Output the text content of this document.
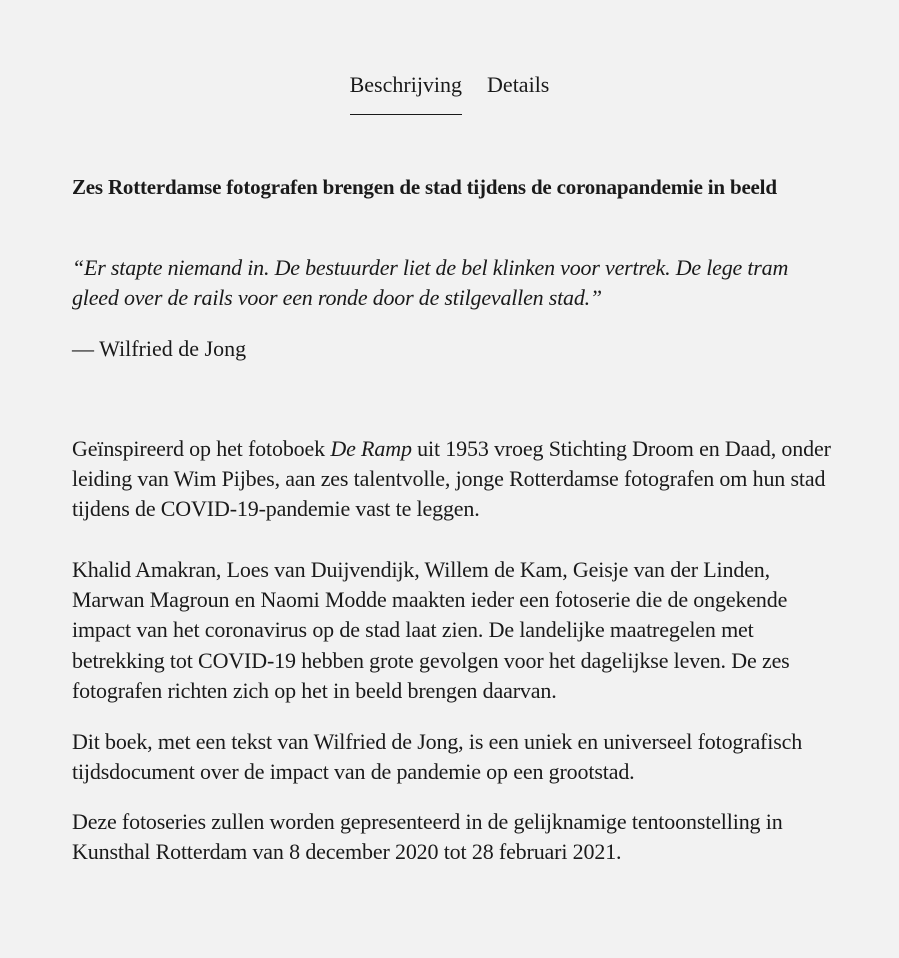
Beschrijving Details
Zes Rotterdamse fotografen brengen de stad tijdens de coronapandemie in beeld

“Er stapte niemand in. De bestuurder liet de bel klinken voor vertrek. De lege tram gleed over de rails voor een ronde door de stilgevallen stad.”

— Wilfried de Jong

Geïnspireerd op het fotoboek De Ramp uit 1953 vroeg Stichting Droom en Daad, onder leiding van Wim Pijbes, aan zes talentvolle, jonge Rotterdamse fotografen om hun stad tijdens de COVID-19-pandemie vast te leggen.

Khalid Amakran, Loes van Duijvendijk, Willem de Kam, Geisje van der Linden, Marwan Magroun en Naomi Modde maakten ieder een fotoserie die de ongekende impact van het coronavirus op de stad laat zien. De landelijke maatregelen met betrekking tot COVID-19 hebben grote gevolgen voor het dagelijkse leven. De zes fotografen richten zich op het in beeld brengen daarvan.

Dit boek, met een tekst van Wilfried de Jong, is een uniek en universeel fotografisch tijdsdocument over de impact van de pandemie op een grootstad.

Deze fotoseries zullen worden gepresenteerd in de gelijknamige tentoonstelling in Kunsthal Rotterdam van 8 december 2020 tot 28 februari 2021.
